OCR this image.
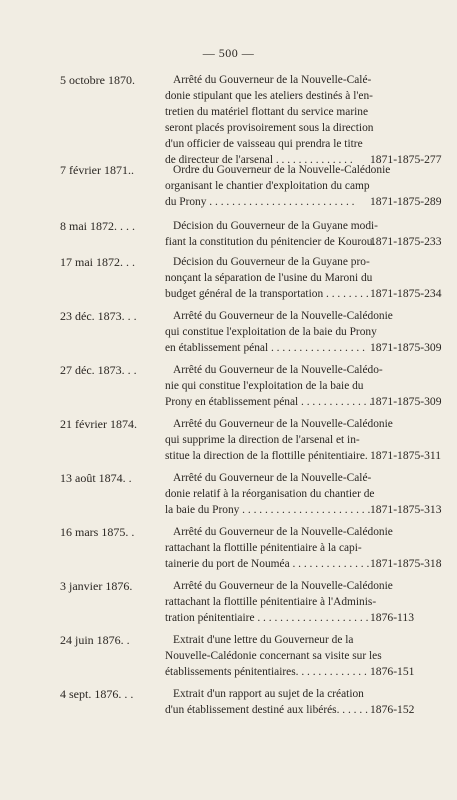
— 500 —
5 octobre 1870.	Arrêté du Gouverneur de la Nouvelle-Calé-
donie stipulant que les ateliers destinés à l'en-
tretien du matériel flottant du service marine
seront placés provisoirement sous la direction
d'un officier de vaisseau qui prendra le titre
de directeur de l'arsenal . . . . . . . . . . . . . .	1871-1875-277
7 février 1871..	Ordre du Gouverneur de la Nouvelle-Calédonie
organisant le chantier d'exploitation du camp
du Prony . . . . . . . . . . . . . . . . . . . . . . . . . .	1871-1875-289
8 mai 1872. . . .	Décision du Gouverneur de la Guyane modi-
fiant la constitution du pénitencier de Kourou.
1871-1875-233
17 mai 1872. . .	Décision du Gouverneur de la Guyane pro-
nonçant la séparation de l'usine du Maroni du
budget général de la transportation . . . . . . . . 1871-1875-234
23 déc. 1873. . .	Arrêté du Gouverneur de la Nouvelle-Calédonie
qui constitue l'exploitation de la baie du Prony
en établissement pénal . . . . . . . . . . . . . . . . . 1871-1875-309
27 déc. 1873. . .	Arrêté du Gouverneur de la Nouvelle-Calédo-
nie qui constitue l'exploitation de la baie du
Prony en établissement pénal . . . . . . . . . . . . .
1871-1875-309
21 février 1874.	Arrêté du Gouverneur de la Nouvelle-Calédonie
qui supprime la direction de l'arsenal et in-
stitue la direction de la flottille pénitentiaire. 1871-1875-311
13 août 1874. .	Arrêté du Gouverneur de la Nouvelle-Calé-
donie relatif à la réorganisation du chantier de
la baie du Prony . . . . . . . . . . . . . . . . . . . . . . . 1871-1875-313
16 mars 1875. .	Arrêté du Gouverneur de la Nouvelle-Calédonie
rattachant la flottille pénitentiaire à la capi-
tainerie du port de Nouméa . . . . . . . . . . . . . . 1871-1875-318
3 janvier 1876.	Arrêté du Gouverneur de la Nouvelle-Calédonie
rattachant la flottille pénitentiaire à l'Adminis-
tration pénitentiaire . . . . . . . . . . . . . . . . . . . . 1876-113
24 juin 1876. .	Extrait d'une lettre du Gouverneur de la
Nouvelle-Calédonie concernant sa visite sur les
établissements pénitentiaires. . . . . . . . . . . . . 1876-151
4 sept. 1876. . .	Extrait d'un rapport au sujet de la création
d'un établissement destiné aux libérés. . . . . . 1876-152
